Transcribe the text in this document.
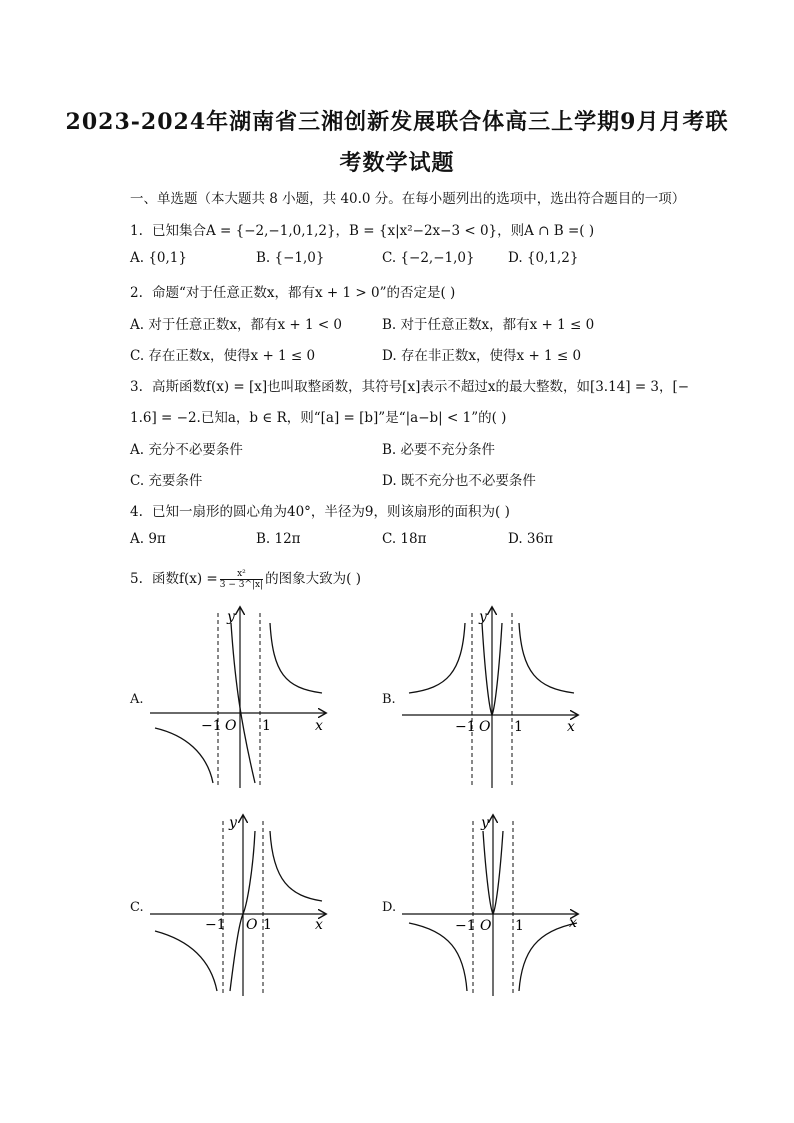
2023-2024年湖南省三湘创新发展联合体高三上学期9月月考联
考数学试题
一、单选题（本大题共 8 小题，共 40.0 分。在每小题列出的选项中，选出符合题目的一项）
1. 已知集合A = {−2,−1,0,1,2}，B = {x|x²−2x−3 < 0}，则A ∩ B =( )
A. {0,1}	B. {−1,0}	C. {−2,−1,0} D. {0,1,2}
2. 命题“对于任意正数x，都有x + 1 > 0”的否定是( )
A. 对于任意正数x，都有x + 1 < 0	B. 对于任意正数x，都有x + 1 ≤ 0
C. 存在正数x，使得x + 1 ≤ 0	D. 存在非正数x，使得x + 1 ≤ 0
3. 高斯函数f(x) = [x]也叫取整函数，其符号[x]表示不超过x的最大整数，如[3.14] = 3，[−
1.6] = −2.已知a，b ∈ R，则“[a] = [b]”是“|a−b| < 1”的( )
A. 充分不必要条件	B. 必要不充分条件
C. 充要条件	D. 既不充分也不必要条件
4. 已知一扇形的圆心角为40°，半径为9，则该扇形的面积为( )
A. 9π	B. 12π	C. 18π	D. 36π
5. 函数$f(x) = \frac{\text{x²}}{3 - 3\^{}|x|}$ 的图象大致为( )
A.	B.
C.	D.
y
x
O
−1	1
y
x
O
−1	1
y
x
O
−1	1
y
x
O
−1	1
